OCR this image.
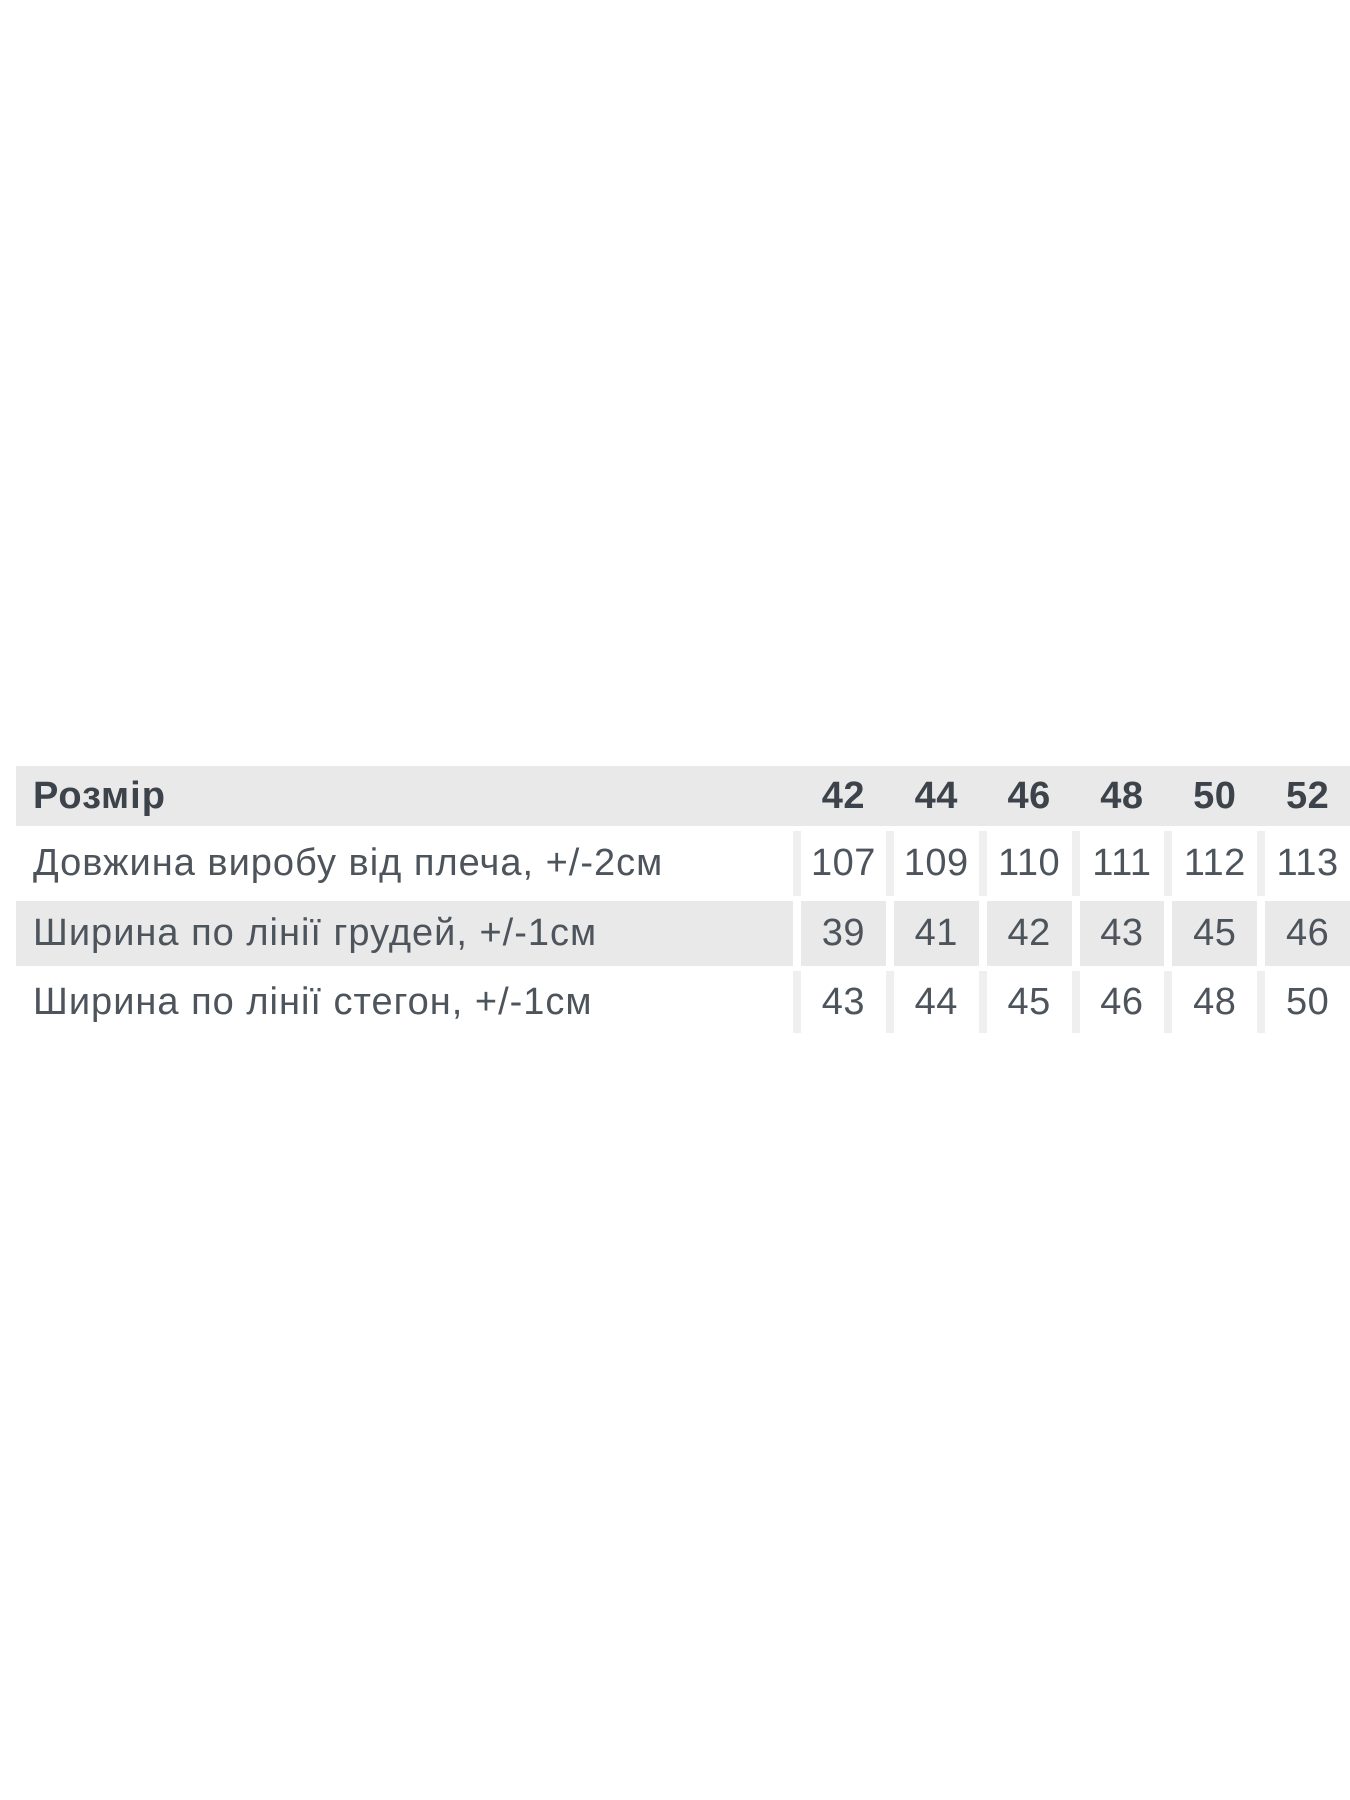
Розмір	42	44	46	48	50	52
Довжина виробу від плеча, +/-2см	107 109 110 111 112 113
Ширина по лінії грудей, +/-1см	39	41	42	43	45	46
Ширина по лінії стегон, +/-1см	43	44	45	46	48	50
